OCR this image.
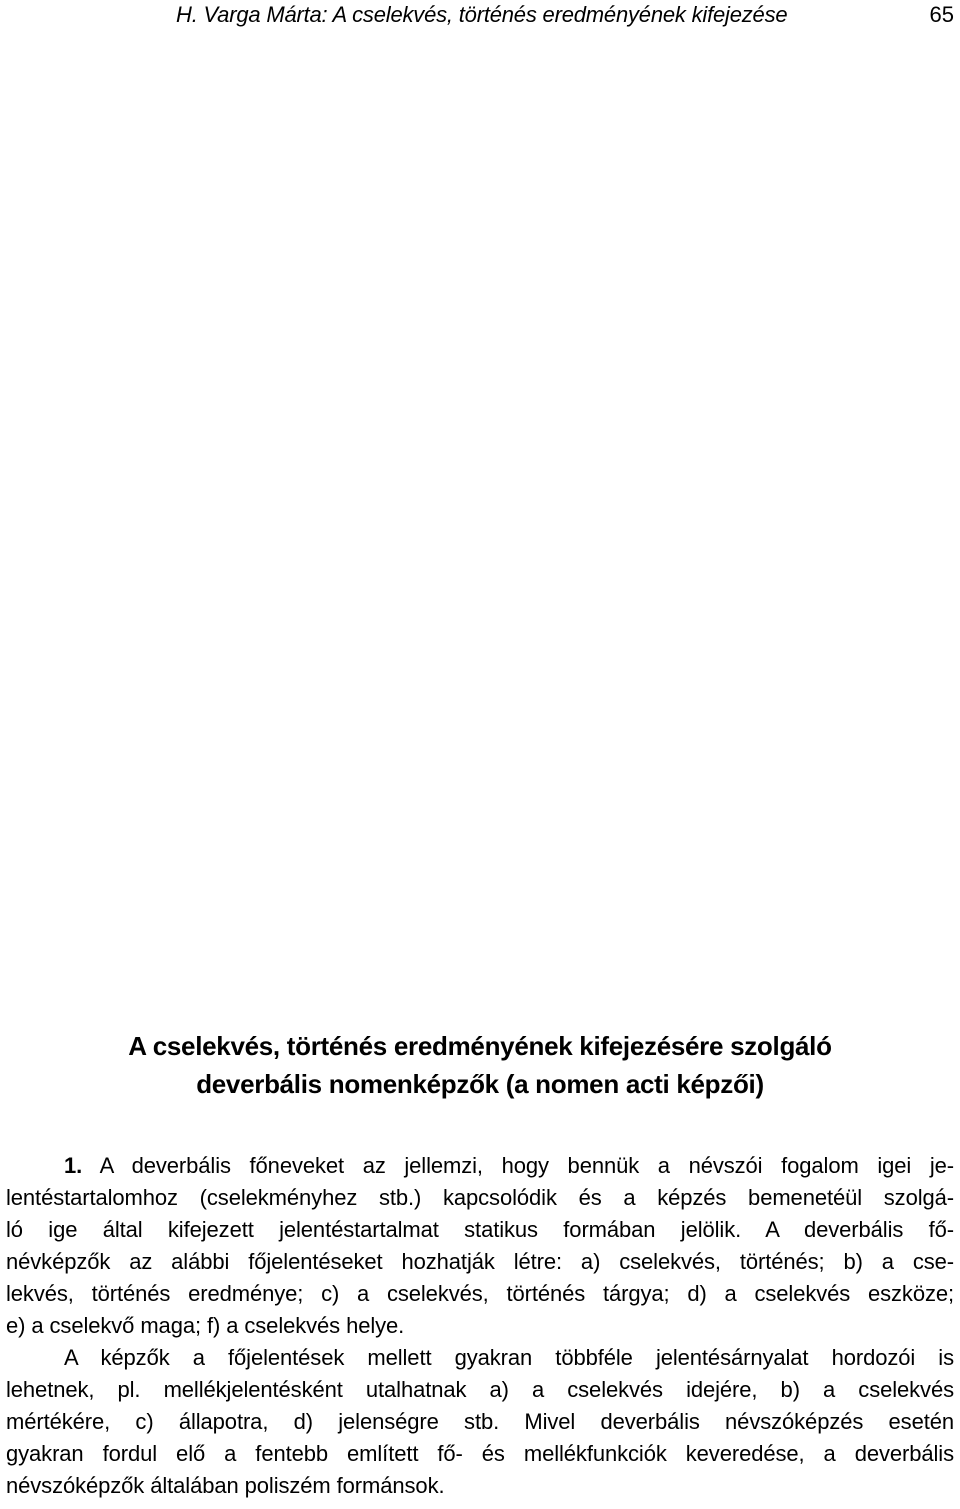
H. Varga Márta: A cselekvés, történés eredményének kifejezése	65
A cselekvés, történés eredményének kifejezésére szolgáló
deverbális nomenképzők (a nomen acti képzői)
1. A deverbális főneveket az jellemzi, hogy bennük a névszói fogalom igei je-
lentéstartalomhoz (cselekményhez stb.) kapcsolódik és a képzés bemenetéül szolgá-
ló ige által kifejezett jelentéstartalmat statikus formában jelölik. A deverbális fő-
névképzők az alábbi főjelentéseket hozhatják létre: a) cselekvés, történés; b) a cse-
lekvés, történés eredménye; c) a cselekvés, történés tárgya; d) a cselekvés eszköze;
e) a cselekvő maga; f) a cselekvés helye.
A képzők a főjelentések mellett gyakran többféle jelentésárnyalat hordozói is
lehetnek, pl. mellékjelentésként utalhatnak a) a cselekvés idejére, b) a cselekvés
mértékére, c) állapotra, d) jelenségre stb. Mivel deverbális névszóképzés esetén
gyakran fordul elő a fentebb említett fő- és mellékfunkciók keveredése, a deverbális
névszóképzők általában poliszém formánsok.
